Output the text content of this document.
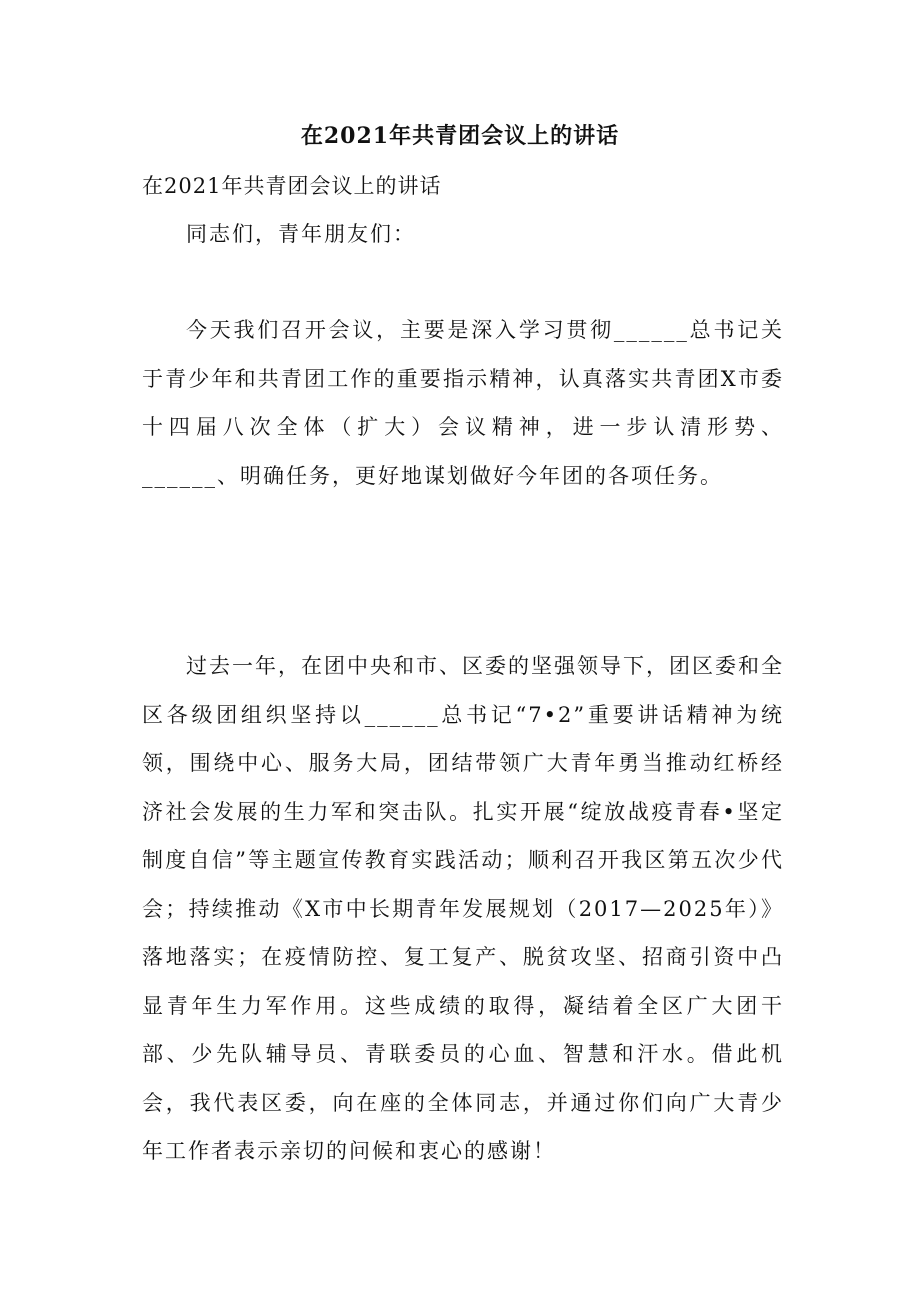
在2021年共青团会议上的讲话
在2021年共青团会议上的讲话
同志们，青年朋友们：

今天我们召开会议，主要是深入学习贯彻______总书记关于青少年和共青团工作的重要指示精神，认真落实共青团X市委十四届八次全体（扩大）会议精神，进一步认清形势、______、明确任务，更好地谋划做好今年团的各项任务。

过去一年，在团中央和市、区委的坚强领导下，团区委和全区各级团组织坚持以______总书记“7•2”重要讲话精神为统领，围绕中心、服务大局，团结带领广大青年勇当推动红桥经济社会发展的生力军和突击队。扎实开展“绽放战疫青春•坚定制度自信”等主题宣传教育实践活动；顺利召开我区第五次少代会；持续推动《X市中长期青年发展规划（2017—2025年）》落地落实；在疫情防控、复工复产、脱贫攻坚、招商引资中凸显青年生力军作用。这些成绩的取得，凝结着全区广大团干部、少先队辅导员、青联委员的心血、智慧和汗水。借此机会，我代表区委，向在座的全体同志，并通过你们向广大青少年工作者表示亲切的问候和衷心的感谢！
